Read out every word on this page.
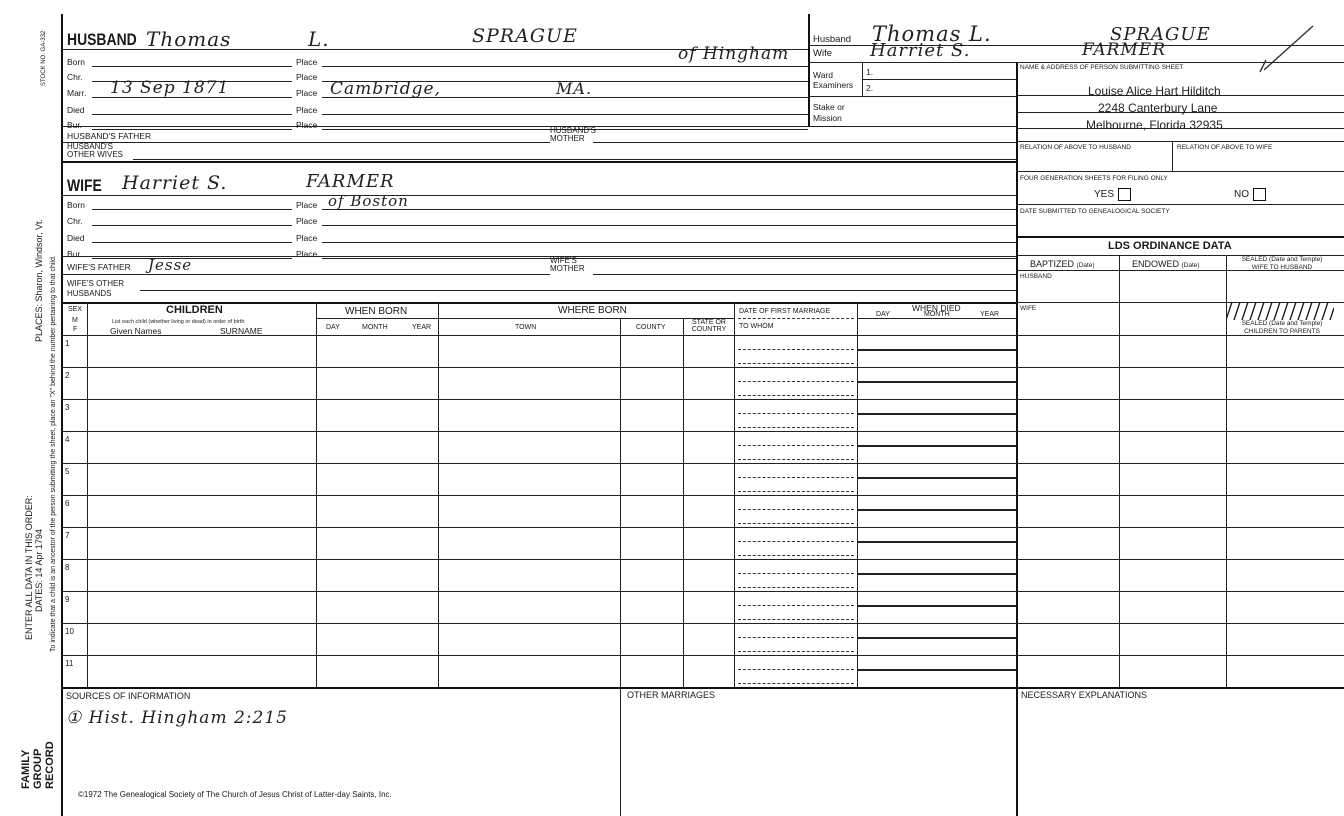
STOCK NO. GA-332
PLACES: Sharon, Windsor, Vt.
ENTER ALL DATA IN THIS ORDER: DATES: 14 Apr 1794 To indicate that a child is an ancestor of the person submitting the sheet, place an "X" behind the number pertaining to that child.
FAMILY GROUP RECORD
HUSBAND Thomas	L.	SPRAGUE
of Hingham
Born	Place
Chr.	Place
Marr. 13 Sep 1871	Place Cambridge,	MA.
Died	Place
Bur.	Place
HUSBAND'S FATHER
HUSBAND'S MOTHER
HUSBAND'S OTHER WIVES
WIFE Harriet S.	FARMER
Born	Place of Boston
Chr.	Place
Died	Place
Bur.	Place
WIFE'S FATHER Jesse	WIFE'S MOTHER
WIFE'S OTHER HUSBANDS
Husband Thomas L.	SPRAGUE
Wife Harriet S.	FARMER
Ward
Examiners
1.
2.
Stake or Mission
NAME & ADDRESS OF PERSON SUBMITTING SHEET
Louise Alice Hart Hilditch
2248 Canterbury Lane
Melbourne, Florida 32935
RELATION OF ABOVE TO HUSBAND	RELATION OF ABOVE TO WIFE
FOUR GENERATION SHEETS FOR FILING ONLY
YES	NO
DATE SUBMITTED TO GENEALOGICAL SOCIETY
LDS ORDINANCE DATA
BAPTIZED (Date)	ENDOWED (Date)
SEALED (Date and Temple) WIFE TO HUSBAND
HUSBAND
WIFE
SEALED (Date and Temple) CHILDREN TO PARENTS
SEX
M
F
CHILDREN
List each child (whether living or dead) in order of birth
Given Names	SURNAME
WHEN BORN
DAY	MONTH	YEAR
WHERE BORN
TOWN	COUNTY
STATE OR COUNTRY
DATE OF FIRST MARRIAGE
TO WHOM
WHEN DIED
DAY	MONTH	YEAR
1
2
3
4
5
6
7
8
9
10
11
SOURCES OF INFORMATION
① Hist. Hingham 2:215
OTHER MARRIAGES	NECESSARY EXPLANATIONS
©1972 The Genealogical Society of The Church of Jesus Christ of Latter-day Saints, Inc.
